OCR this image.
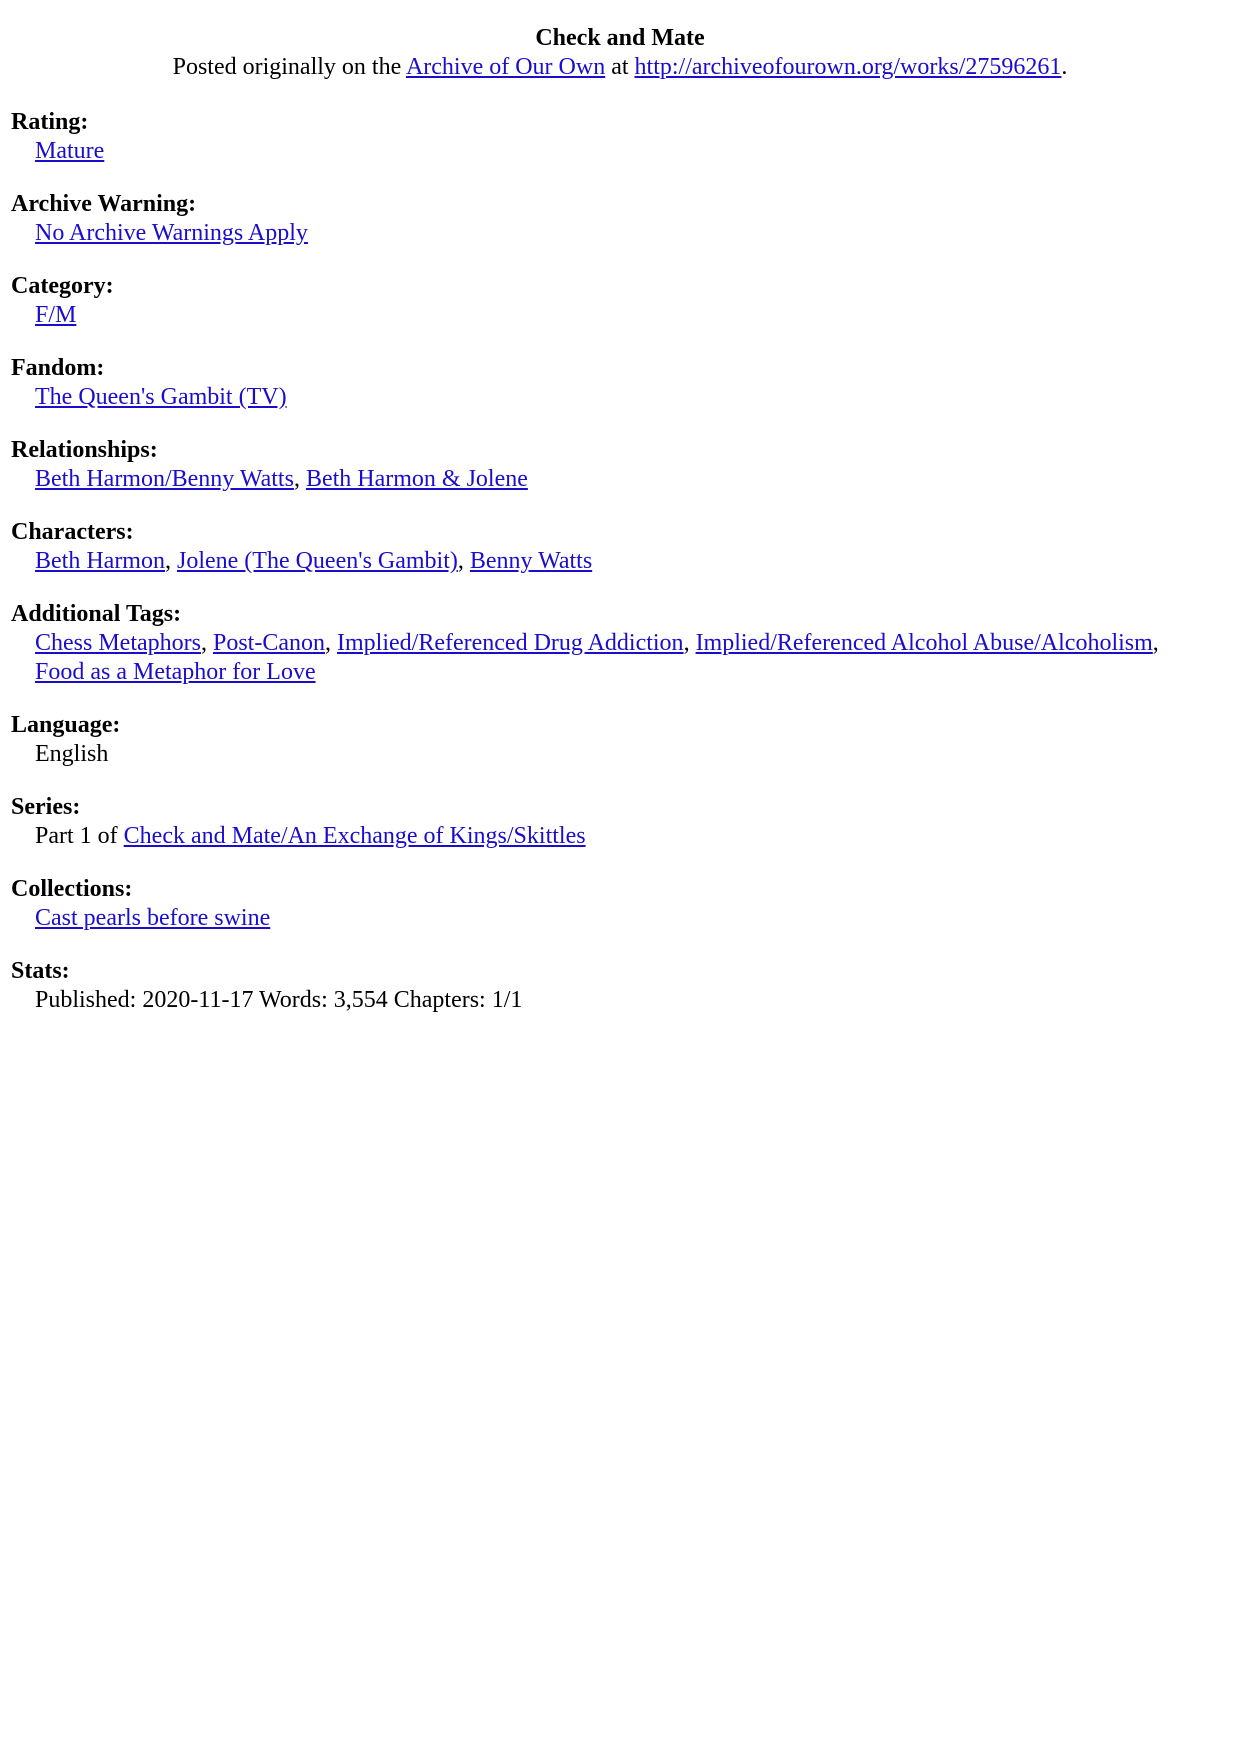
Check and Mate
Posted originally on the Archive of Our Own at http://archiveofourown.org/works/27596261.
Rating:
Mature
Archive Warning:
No Archive Warnings Apply
Category:
F/M
Fandom:
The Queen's Gambit (TV)
Relationships:
Beth Harmon/Benny Watts, Beth Harmon & Jolene
Characters:
Beth Harmon, Jolene (The Queen's Gambit), Benny Watts
Additional Tags:
Chess Metaphors, Post-Canon, Implied/Referenced Drug Addiction, Implied/Referenced Alcohol Abuse/Alcoholism,
Food as a Metaphor for Love
Language:
English
Series:
Part 1 of Check and Mate/An Exchange of Kings/Skittles
Collections:
Cast pearls before swine
Stats:
Published: 2020-11-17 Words: 3,554 Chapters: 1/1
